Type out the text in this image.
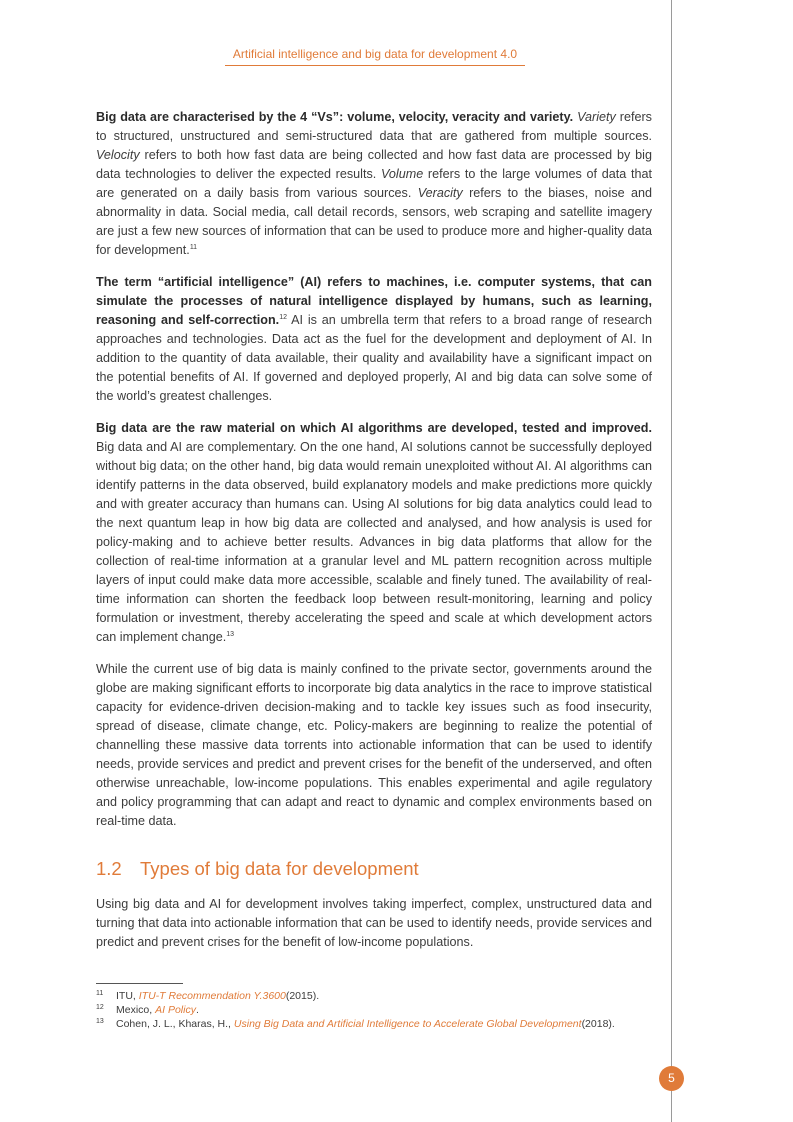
Artificial intelligence and big data for development 4.0

Big data are characterised by the 4 “Vs”: volume, velocity, veracity and variety. Variety refers to structured, unstructured and semi-structured data that are gathered from multiple sources. Velocity refers to both how fast data are being collected and how fast data are processed by big data technologies to deliver the expected results. Volume refers to the large volumes of data that are generated on a daily basis from various sources. Veracity refers to the biases, noise and abnormality in data. Social media, call detail records, sensors, web scraping and satellite imagery are just a few new sources of information that can be used to produce more and higher-quality data for development.$^{11}$

The term “artificial intelligence” (AI) refers to machines, i.e. computer systems, that can simulate the processes of natural intelligence displayed by humans, such as learning, reasoning and self-correction.$^{12}$ AI is an umbrella term that refers to a broad range of research approaches and technologies. Data act as the fuel for the development and deployment of AI. In addition to the quantity of data available, their quality and availability have a significant impact on the potential benefits of AI. If governed and deployed properly, AI and big data can solve some of the world’s greatest challenges.

Big data are the raw material on which AI algorithms are developed, tested and improved. Big data and AI are complementary. On the one hand, AI solutions cannot be successfully deployed without big data; on the other hand, big data would remain unexploited without AI. AI algorithms can identify patterns in the data observed, build explanatory models and make predictions more quickly and with greater accuracy than humans can. Using AI solutions for big data analytics could lead to the next quantum leap in how big data are collected and analysed, and how analysis is used for policy-making and to achieve better results. Advances in big data platforms that allow for the collection of real-time information at a granular level and ML pattern recognition across multiple layers of input could make data more accessible, scalable and finely tuned. The availability of real-time information can shorten the feedback loop between result-monitoring, learning and policy formulation or investment, thereby accelerating the speed and scale at which development actors can implement change.$^{13}$

While the current use of big data is mainly confined to the private sector, governments around the globe are making significant efforts to incorporate big data analytics in the race to improve statistical capacity for evidence-driven decision-making and to tackle key issues such as food insecurity, spread of disease, climate change, etc. Policy-makers are beginning to realize the potential of channelling these massive data torrents into actionable information that can be used to identify needs, provide services and predict and prevent crises for the benefit of the underserved, and often otherwise unreachable, low-income populations. This enables experimental and agile regulatory and policy programming that can adapt and react to dynamic and complex environments based on real-time data.

1.2 Types of big data for development

Using big data and AI for development involves taking imperfect, complex, unstructured data and turning that data into actionable information that can be used to identify needs, provide services and predict and prevent crises for the benefit of low-income populations.

11	ITU,
ITU-T Recommendation Y.3600 (2015).
12	Mexico,
AI Policy .
13	Cohen, J. L., Kharas, H.,
Using Big Data and Artificial Intelligence to Accelerate Global Development (2018).
5
